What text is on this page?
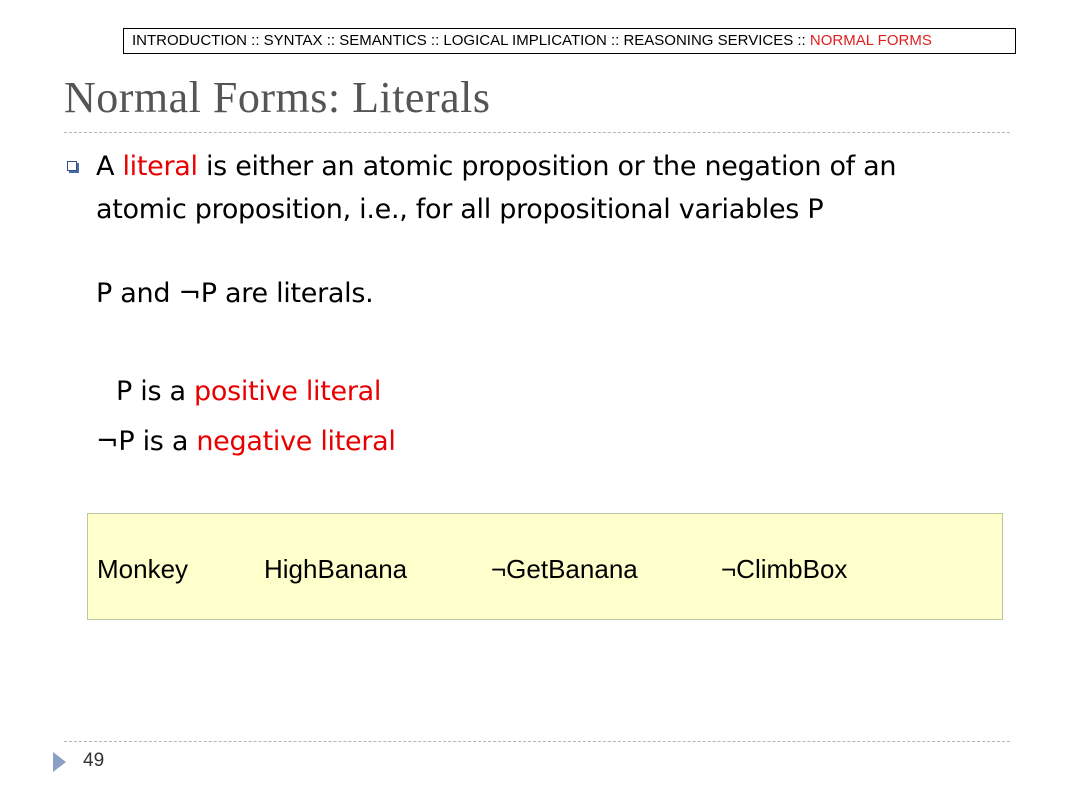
INTRODUCTION :: SYNTAX :: SEMANTICS :: LOGICAL IMPLICATION :: REASONING SERVICES :: NORMAL FORMS
Normal Forms: Literals
A literal is either an atomic proposition or the negation of an
atomic proposition, i.e., for all propositional variables P
P and ¬P are literals.
P is a positive literal
¬P is a negative literal
Monkey	HighBanana	¬GetBanana	¬ClimbBox
49
